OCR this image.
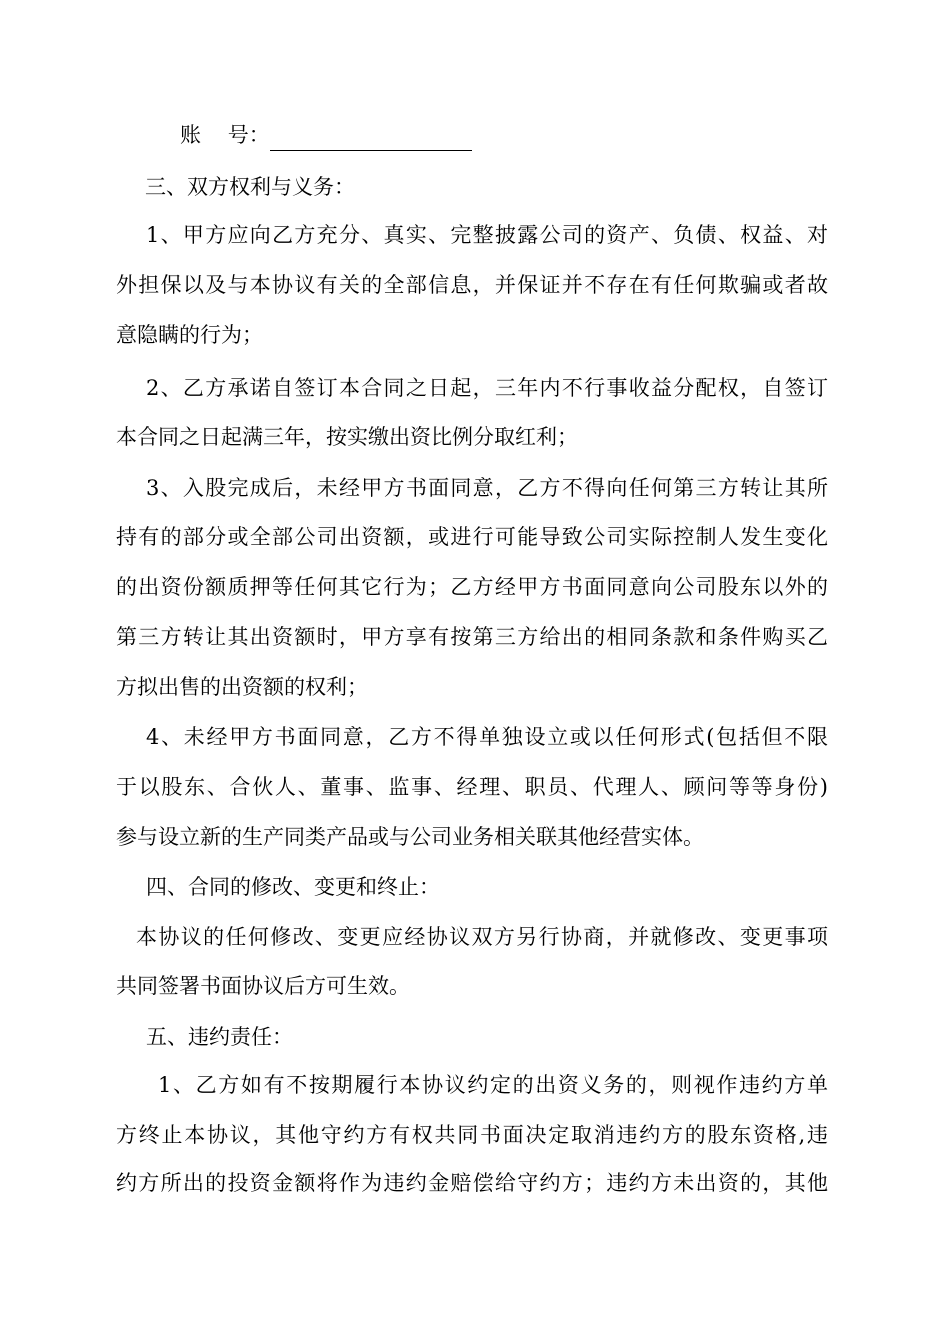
账    号：
三、双方权利与义务：
1、甲方应向乙方充分、真实、完整披露公司的资产、负债、权益、对
外担保以及与本协议有关的全部信息，并保证并不存在有任何欺骗或者故
意隐瞒的行为；
2、乙方承诺自签订本合同之日起，三年内不行事收益分配权，自签订
本合同之日起满三年，按实缴出资比例分取红利；
3、入股完成后，未经甲方书面同意，乙方不得向任何第三方转让其所
持有的部分或全部公司出资额，或进行可能导致公司实际控制人发生变化
的出资份额质押等任何其它行为；乙方经甲方书面同意向公司股东以外的
第三方转让其出资额时，甲方享有按第三方给出的相同条款和条件购买乙
方拟出售的出资额的权利；
4、未经甲方书面同意，乙方不得单独设立或以任何形式(包括但不限
于以股东、合伙人、董事、监事、经理、职员、代理人、顾问等等身份)
参与设立新的生产同类产品或与公司业务相关联其他经营实体。
四、合同的修改、变更和终止：
本协议的任何修改、变更应经协议双方另行协商，并就修改、变更事项
共同签署书面协议后方可生效。
五、违约责任：
1、乙方如有不按期履行本协议约定的出资义务的，则视作违约方单
方终止本协议，其他守约方有权共同书面决定取消违约方的股东资格,违
约方所出的投资金额将作为违约金赔偿给守约方；违约方未出资的，其他
